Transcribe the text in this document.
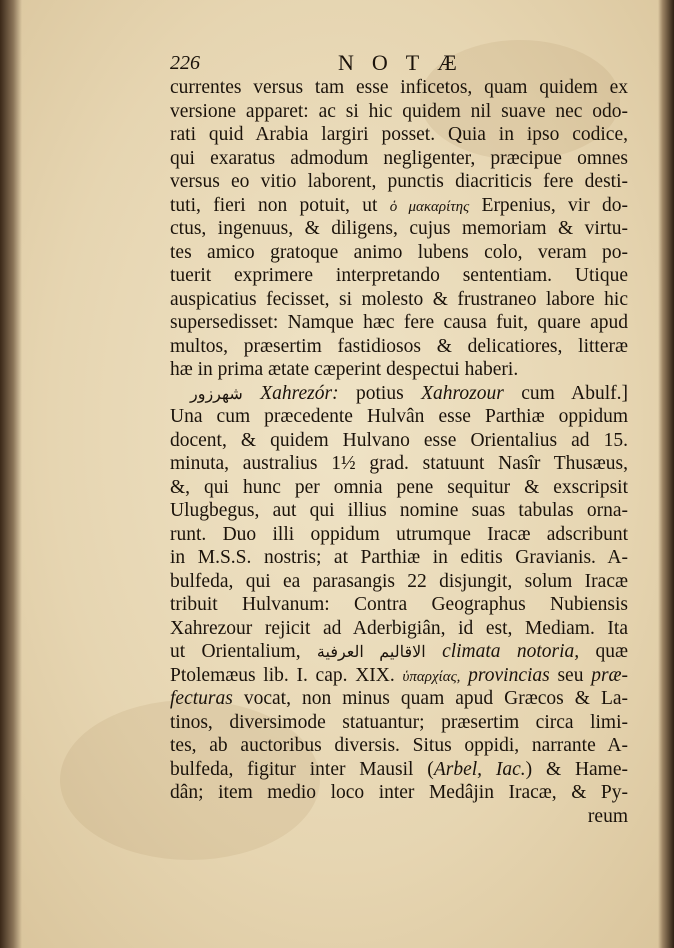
226	NOTÆ
currentes versus tam esse inficetos, quam quidem ex
versione apparet: ac si hic quidem nil suave nec odo-
rati quid Arabia largiri posset. Quia in ipso codice,
qui exaratus admodum negligenter, præcipue omnes
versus eo vitio laborent, punctis diacriticis fere desti-
tuti, fieri non potuit, ut ὁ μακαρίτης Erpenius, vir do-
ctus, ingenuus, & diligens, cujus memoriam & virtu-
tes amico gratoque animo lubens colo, veram po-
tuerit exprimere interpretando sententiam. Utique
auspicatius fecisset, si molesto & frustraneo labore hic
supersedisset: Namque hæc fere causa fuit, quare apud
multos, præsertim fastidiosos & delicatiores, litteræ
hæ in prima ætate cæperint despectui haberi.
شهرزور Xahrezór: potius Xahrozour cum Abulf.]
Una cum præcedente Hulvân esse Parthiæ oppidum
docent, & quidem Hulvano esse Orientalius ad 15.
minuta, australius 1½ grad. statuunt Nasîr Thusæus,
&, qui hunc per omnia pene sequitur & exscripsit
Ulugbegus, aut qui illius nomine suas tabulas orna-
runt. Duo illi oppidum utrumque Iracæ adscribunt
in M.S.S. nostris; at Parthiæ in editis Gravianis. A-
bulfeda, qui ea parasangis 22 disjungit, solum Iracæ
tribuit Hulvanum: Contra Geographus Nubiensis
Xahrezour rejicit ad Aderbigiân, id est, Mediam. Ita
ut Orientalium, الاقاليم العرفية climata notoria, quæ
Ptolemæus lib. I. cap. XIX. ὑπαρχίας, provincias seu præ-
fecturas vocat, non minus quam apud Græcos & La-
tinos, diversimode statuantur; præsertim circa limi-
tes, ab auctoribus diversis. Situs oppidi, narrante A-
bulfeda, figitur inter Mausil (Arbel, Iac.) & Hame-
dân; item medio loco inter Medâjin Iracæ, & Py-
reum
